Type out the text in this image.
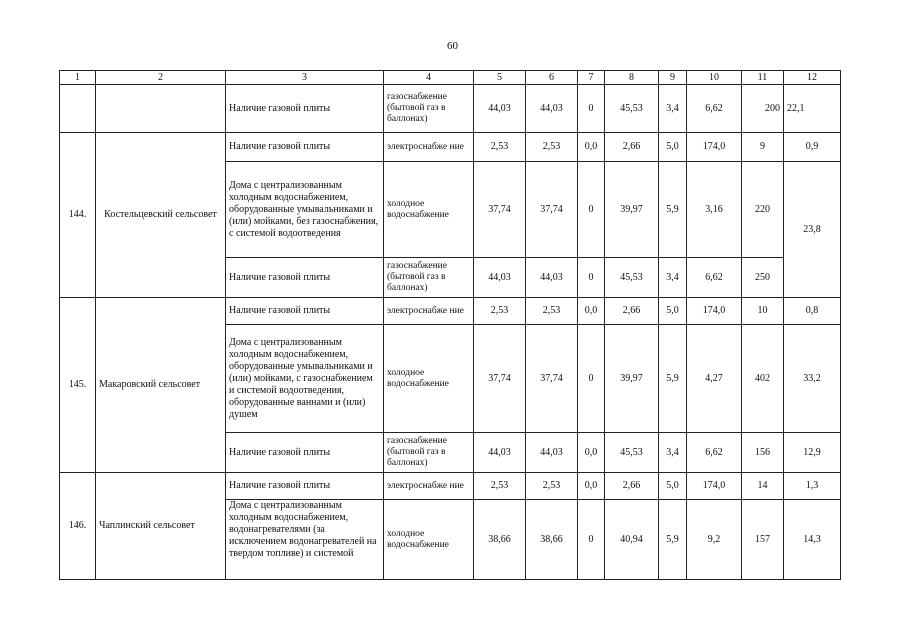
60
1	2	3	4	5	6	7	8	9	10	11	12
		Наличие газовой плиты	газоснабжение (бытовой газ в баллонах)	44,03	44,03	0	45,53	3,4	6,62	200	22,1
144.	Костельцевский сельсовет	Наличие газовой плиты	электроснабже ние	2,53	2,53	0,0	2,66	5,0	174,0	9	0,9
		Дома с централизованным холодным водоснабжением, оборудованные умывальниками и (или) мойками, без газоснабжения, с системой водоотведения	холодное водоснабжение	37,74	37,74	0	39,97	5,9	3,16	220	23,8
		Наличие газовой плиты	газоснабжение (бытовой газ в баллонах)	44,03	44,03	0	45,53	3,4	6,62	250	
145.	Макаровский сельсовет	Наличие газовой плиты	электроснабже ние	2,53	2,53	0,0	2,66	5,0	174,0	10	0,8
		Дома с централизованным холодным водоснабжением, оборудованные умывальниками и (или) мойками, с газоснабжением и системой водоотведения, оборудованные ваннами и (или) душем	холодное водоснабжение	37,74	37,74	0	39,97	5,9	4,27	402	33,2
		Наличие газовой плиты	газоснабжение (бытовой газ в баллонах)	44,03	44,03	0,0	45,53	3,4	6,62	156	12,9
146.	Чаплинский сельсовет	Наличие газовой плиты	электроснабже ние	2,53	2,53	0,0	2,66	5,0	174,0	14	1,3
		Дома с централизованным холодным водоснабжением, водонагревателями (за исключением водонагревателей на твердом топливе) и системой	холодное водоснабжение	38,66	38,66	0	40,94	5,9	9,2	157	14,3
